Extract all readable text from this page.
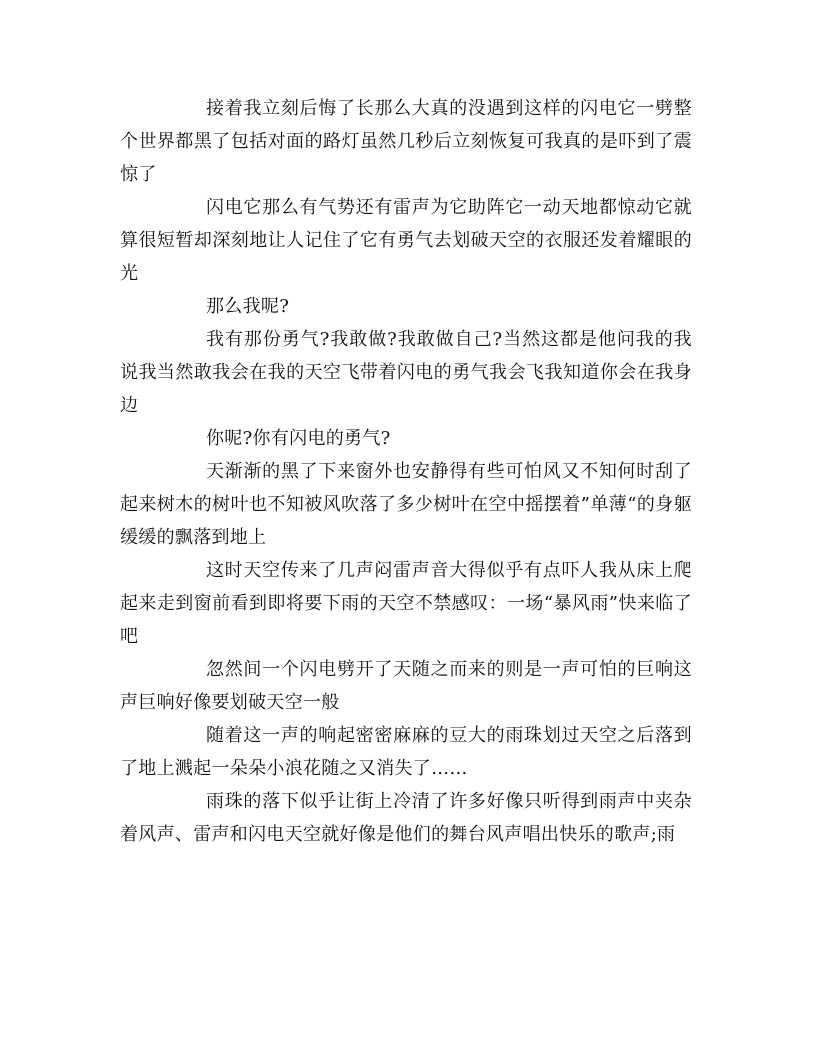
接着我立刻后悔了长那么大真的没遇到这样的闪电它一劈整个世界都黑了包括对面的路灯虽然几秒后立刻恢复可我真的是吓到了震惊了

闪电它那么有气势还有雷声为它助阵它一动天地都惊动它就算很短暂却深刻地让人记住了它有勇气去划破天空的衣服还发着耀眼的光

那么我呢?

我有那份勇气?我敢做?我敢做自己?当然这都是他问我的我说我当然敢我会在我的天空飞带着闪电的勇气我会飞我知道你会在我身边

你呢?你有闪电的勇气?

天渐渐的黑了下来窗外也安静得有些可怕风又不知何时刮了起来树木的树叶也不知被风吹落了多少树叶在空中摇摆着”单薄“的身躯缓缓的飘落到地上

这时天空传来了几声闷雷声音大得似乎有点吓人我从床上爬起来走到窗前看到即将要下雨的天空不禁感叹：一场“暴风雨”快来临了吧

忽然间一个闪电劈开了天随之而来的则是一声可怕的巨响这声巨响好像要划破天空一般

随着这一声的响起密密麻麻的豆大的雨珠划过天空之后落到了地上溅起一朵朵小浪花随之又消失了……

雨珠的落下似乎让街上冷清了许多好像只听得到雨声中夹杂着风声、雷声和闪电天空就好像是他们的舞台风声唱出快乐的歌声;雨
